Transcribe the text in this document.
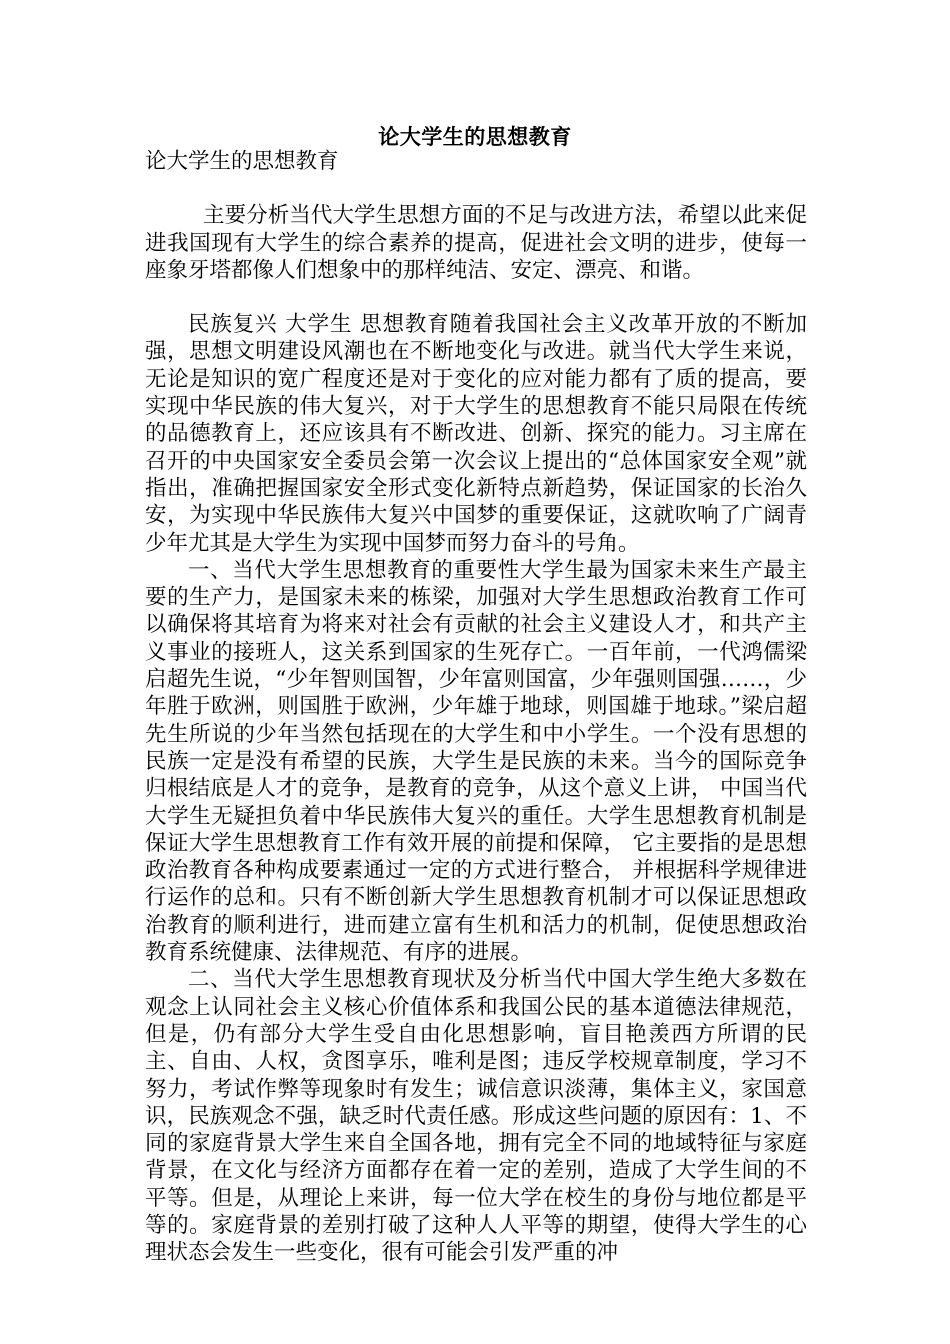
论大学生的思想教育

论大学生的思想教育

主要分析当代大学生思想方面的不足与改进方法，希望以此来促进我国现有大学生的综合素养的提高，促进社会文明的进步，使每一座象牙塔都像人们想象中的那样纯洁、安定、漂亮、和谐。

民族复兴 大学生 思想教育随着我国社会主义改革开放的不断加强，思想文明建设风潮也在不断地变化与改进。就当代大学生来说，无论是知识的宽广程度还是对于变化的应对能力都有了质的提高，要实现中华民族的伟大复兴，对于大学生的思想教育不能只局限在传统的品德教育上，还应该具有不断改进、创新、探究的能力。习主席在召开的中央国家安全委员会第一次会议上提出的“总体国家安全观”就指出，准确把握国家安全形式变化新特点新趋势，保证国家的长治久安，为实现中华民族伟大复兴中国梦的重要保证，这就吹响了广阔青少年尤其是大学生为实现中国梦而努力奋斗的号角。

一、当代大学生思想教育的重要性大学生最为国家未来生产最主要的生产力，是国家未来的栋梁，加强对大学生思想政治教育工作可以确保将其培育为将来对社会有贡献的社会主义建设人才，和共产主义事业的接班人，这关系到国家的生死存亡。一百年前，一代鸿儒梁启超先生说，“少年智则国智，少年富则国富，少年强则国强……，少年胜于欧洲，则国胜于欧洲，少年雄于地球，则国雄于地球。”梁启超先生所说的少年当然包括现在的大学生和中小学生。一个没有思想的民族一定是没有希望的民族，大学生是民族的未来。当今的国际竞争归根结底是人才的竞争，是教育的竞争，从这个意义上讲， 中国当代大学生无疑担负着中华民族伟大复兴的重任。大学生思想教育机制是保证大学生思想教育工作有效开展的前提和保障， 它主要指的是思想政治教育各种构成要素通过一定的方式进行整合， 并根据科学规律进行运作的总和。只有不断创新大学生思想教育机制才可以保证思想政治教育的顺利进行，进而建立富有生机和活力的机制，促使思想政治教育系统健康、法律规范、有序的进展。

二、当代大学生思想教育现状及分析当代中国大学生绝大多数在观念上认同社会主义核心价值体系和我国公民的基本道德法律规范，但是，仍有部分大学生受自由化思想影响，盲目艳羡西方所谓的民主、自由、人权，贪图享乐，唯利是图；违反学校规章制度，学习不努力，考试作弊等现象时有发生；诚信意识淡薄，集体主义，家国意识，民族观念不强，缺乏时代责任感。形成这些问题的原因有：1、不同的家庭背景大学生来自全国各地，拥有完全不同的地域特征与家庭背景，在文化与经济方面都存在着一定的差别，造成了大学生间的不平等。但是，从理论上来讲，每一位大学在校生的身份与地位都是平等的。家庭背景的差别打破了这种人人平等的期望，使得大学生的心理状态会发生一些变化，很有可能会引发严重的冲
